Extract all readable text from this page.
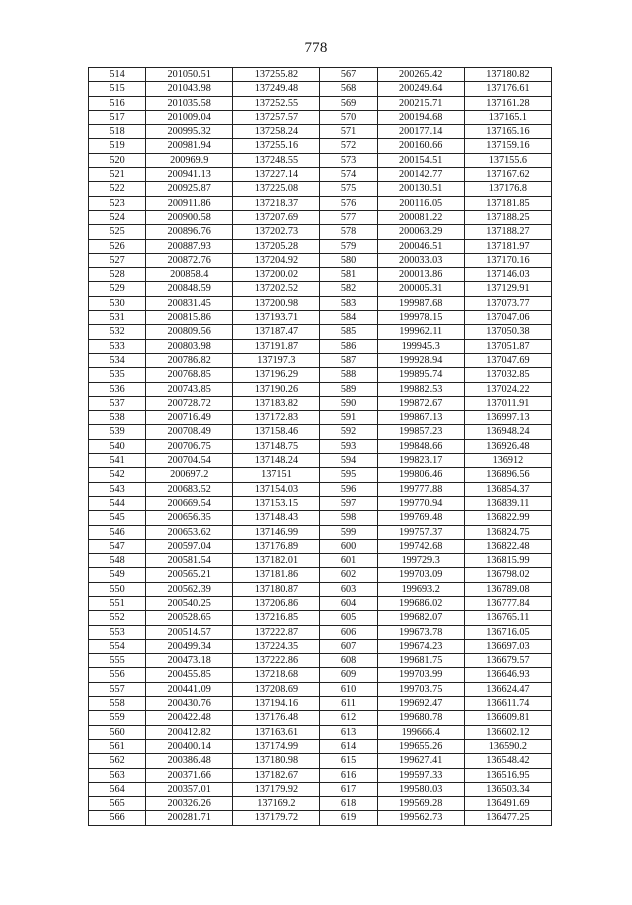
778
514	201050.51	137255.82	567	200265.42	137180.82
515	201043.98	137249.48	568	200249.64	137176.61
516	201035.58	137252.55	569	200215.71	137161.28
517	201009.04	137257.57	570	200194.68	137165.1
518	200995.32	137258.24	571	200177.14	137165.16
519	200981.94	137255.16	572	200160.66	137159.16
520	200969.9	137248.55	573	200154.51	137155.6
521	200941.13	137227.14	574	200142.77	137167.62
522	200925.87	137225.08	575	200130.51	137176.8
523	200911.86	137218.37	576	200116.05	137181.85
524	200900.58	137207.69	577	200081.22	137188.25
525	200896.76	137202.73	578	200063.29	137188.27
526	200887.93	137205.28	579	200046.51	137181.97
527	200872.76	137204.92	580	200033.03	137170.16
528	200858.4	137200.02	581	200013.86	137146.03
529	200848.59	137202.52	582	200005.31	137129.91
530	200831.45	137200.98	583	199987.68	137073.77
531	200815.86	137193.71	584	199978.15	137047.06
532	200809.56	137187.47	585	199962.11	137050.38
533	200803.98	137191.87	586	199945.3	137051.87
534	200786.82	137197.3	587	199928.94	137047.69
535	200768.85	137196.29	588	199895.74	137032.85
536	200743.85	137190.26	589	199882.53	137024.22
537	200728.72	137183.82	590	199872.67	137011.91
538	200716.49	137172.83	591	199867.13	136997.13
539	200708.49	137158.46	592	199857.23	136948.24
540	200706.75	137148.75	593	199848.66	136926.48
541	200704.54	137148.24	594	199823.17	136912
542	200697.2	137151	595	199806.46	136896.56
543	200683.52	137154.03	596	199777.88	136854.37
544	200669.54	137153.15	597	199770.94	136839.11
545	200656.35	137148.43	598	199769.48	136822.99
546	200653.62	137146.99	599	199757.37	136824.75
547	200597.04	137176.89	600	199742.68	136822.48
548	200581.54	137182.01	601	199729.3	136815.99
549	200565.21	137181.86	602	199703.09	136798.02
550	200562.39	137180.87	603	199693.2	136789.08
551	200540.25	137206.86	604	199686.02	136777.84
552	200528.65	137216.85	605	199682.07	136765.11
553	200514.57	137222.87	606	199673.78	136716.05
554	200499.34	137224.35	607	199674.23	136697.03
555	200473.18	137222.86	608	199681.75	136679.57
556	200455.85	137218.68	609	199703.99	136646.93
557	200441.09	137208.69	610	199703.75	136624.47
558	200430.76	137194.16	611	199692.47	136611.74
559	200422.48	137176.48	612	199680.78	136609.81
560	200412.82	137163.61	613	199666.4	136602.12
561	200400.14	137174.99	614	199655.26	136590.2
562	200386.48	137180.98	615	199627.41	136548.42
563	200371.66	137182.67	616	199597.33	136516.95
564	200357.01	137179.92	617	199580.03	136503.34
565	200326.26	137169.2	618	199569.28	136491.69
566	200281.71	137179.72	619	199562.73	136477.25
